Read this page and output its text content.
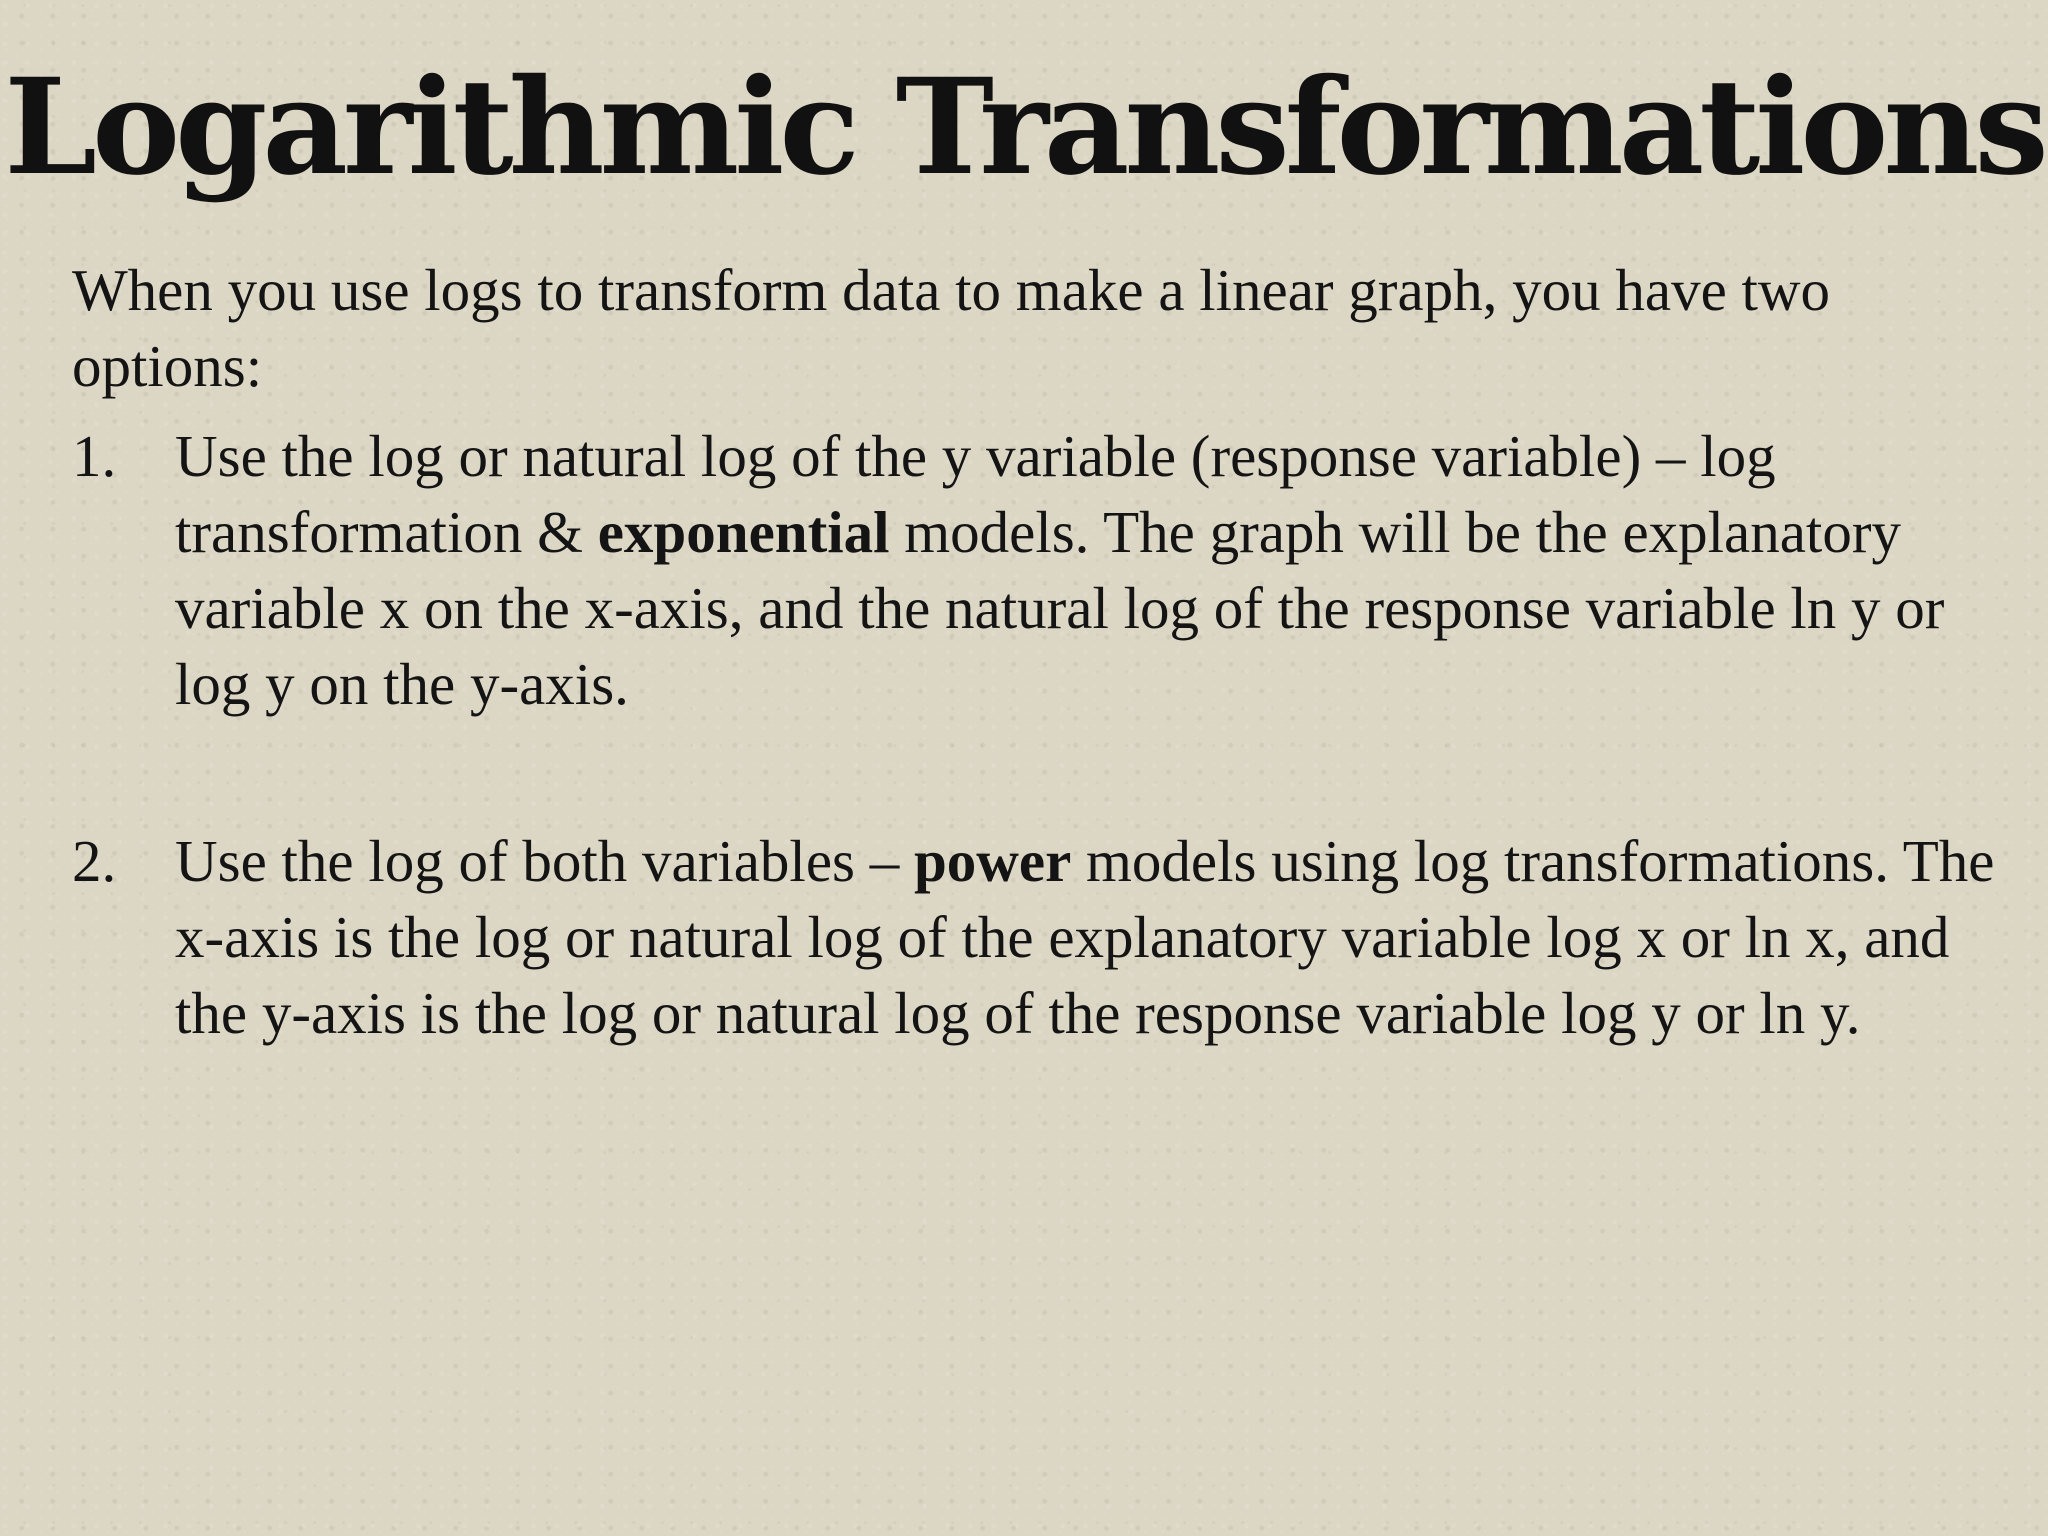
Logarithmic Transformations

When you use logs to transform data to make a linear graph, you have two options:

1. Use the log or natural log of the y variable (response variable) – log transformation & exponential models. The graph will be the explanatory variable x on the x-axis, and the natural log of the response variable ln y or log y on the y-axis.
2. Use the log of both variables – power models using log transformations. The x-axis is the log or natural log of the explanatory variable log x or ln x, and the y-axis is the log or natural log of the response variable log y or ln y.
